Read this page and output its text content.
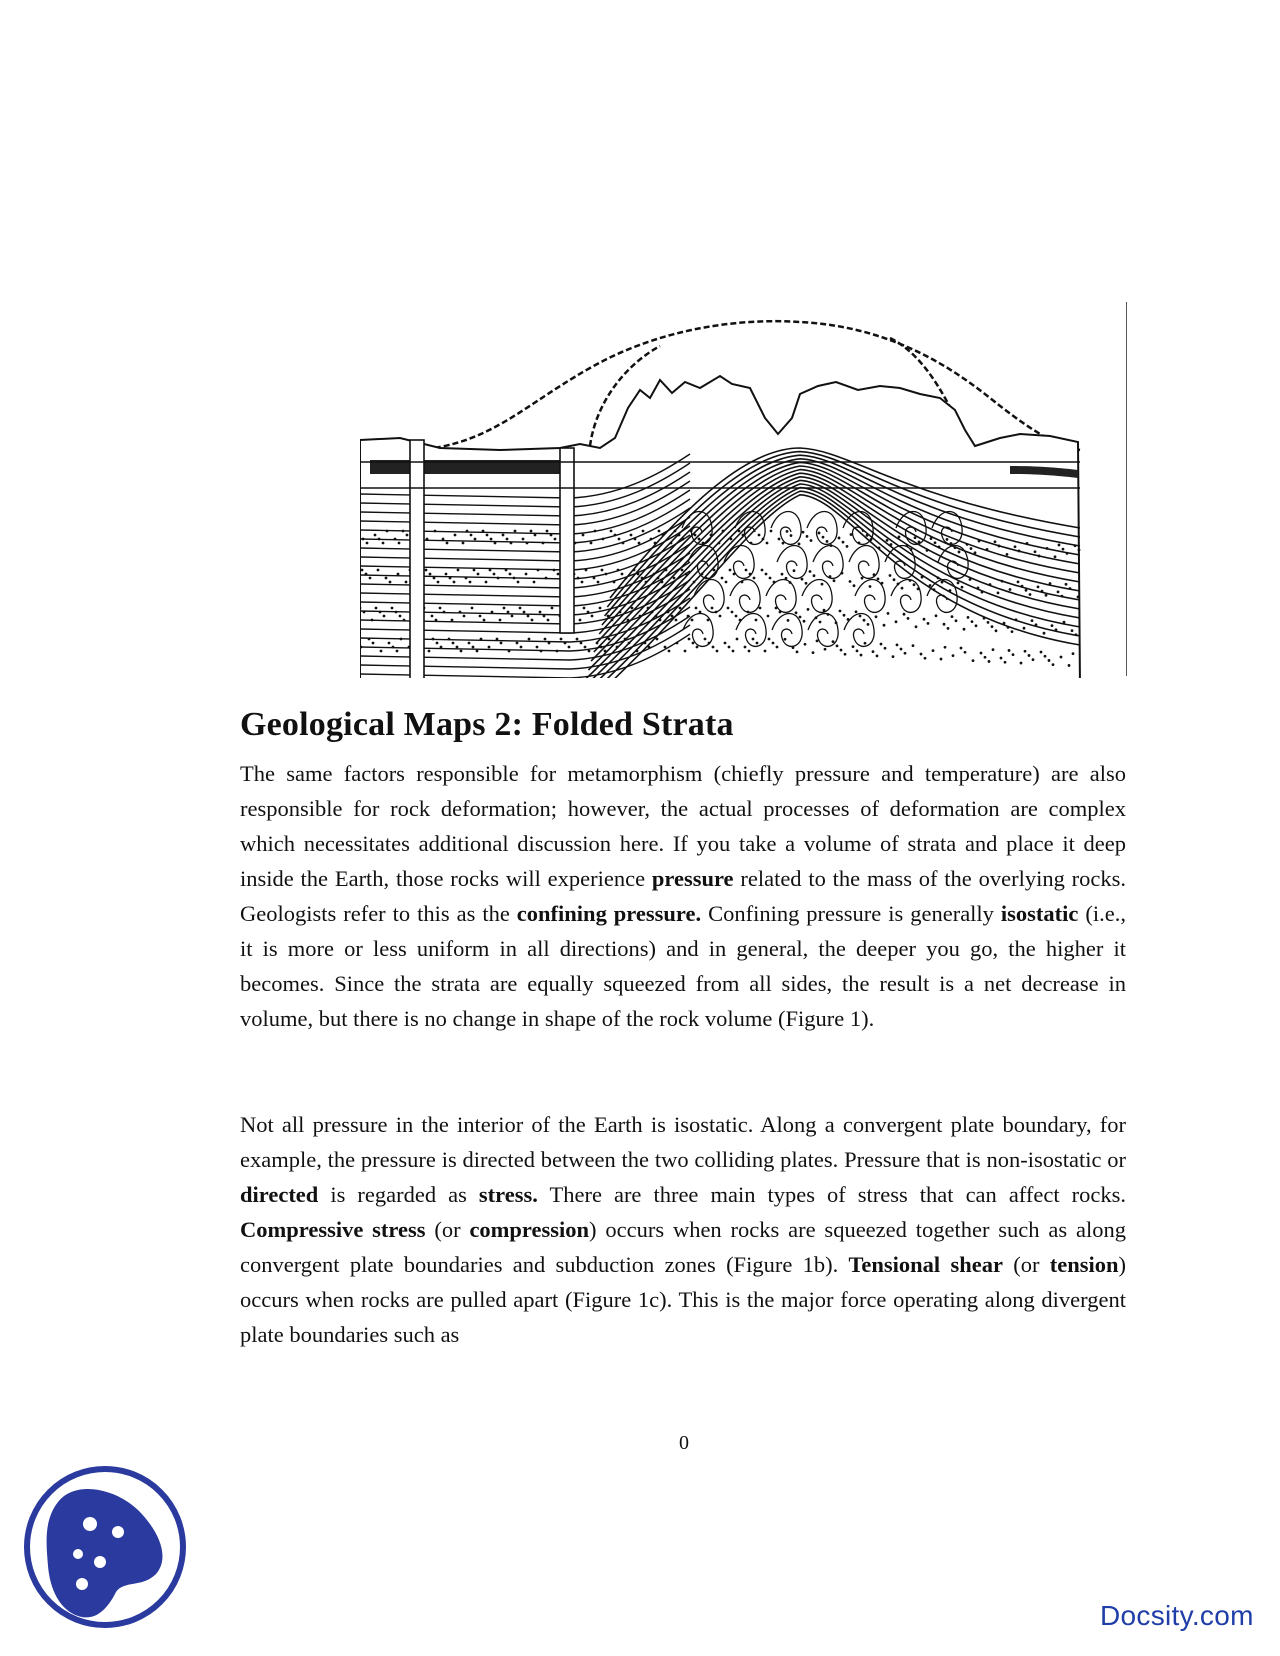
Geological Maps 2: Folded Strata

The same factors responsible for metamorphism (chiefly pressure and temperature) are also responsible for rock deformation; however, the actual processes of deformation are complex which necessitates additional discussion here. If you take a volume of strata and place it deep inside the Earth, those rocks will experience pressure related to the mass of the overlying rocks. Geologists refer to this as the confining pressure. Confining pressure is generally isostatic (i.e., it is more or less uniform in all directions) and in general, the deeper you go, the higher it becomes. Since the strata are equally squeezed from all sides, the result is a net decrease in volume, but there is no change in shape of the rock volume (Figure 1).

Not all pressure in the interior of the Earth is isostatic. Along a convergent plate boundary, for example, the pressure is directed between the two colliding plates. Pressure that is non-isostatic or directed is regarded as stress. There are three main types of stress that can affect rocks. Compressive stress (or compression) occurs when rocks are squeezed together such as along convergent plate boundaries and subduction zones (Figure 1b). Tensional shear (or tension) occurs when rocks are pulled apart (Figure 1c). This is the major force operating along divergent plate boundaries such as

0
Docsity.com
